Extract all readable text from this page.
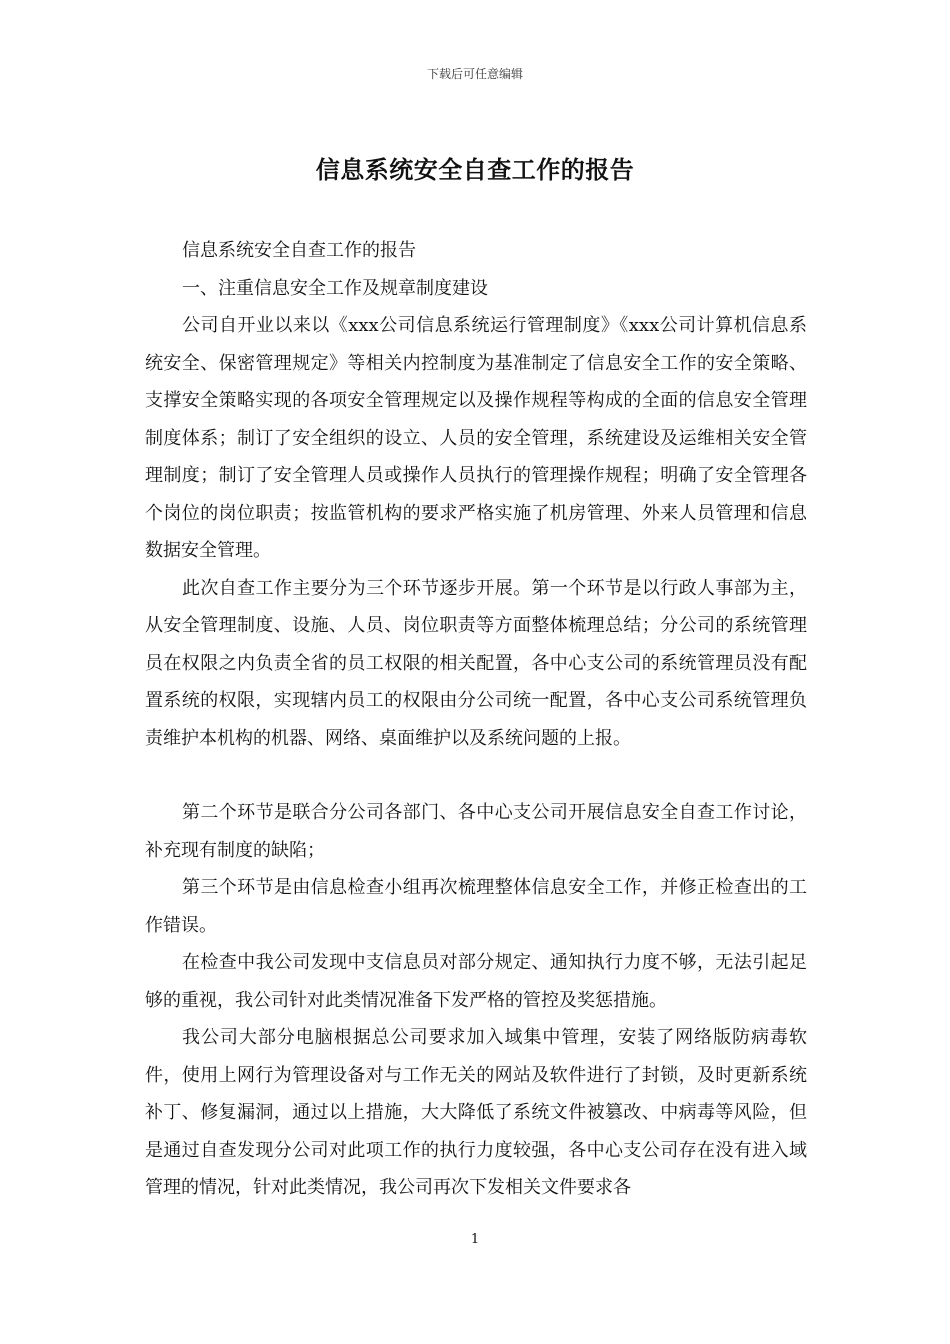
下载后可任意编辑
信息系统安全自查工作的报告

信息系统安全自查工作的报告

一、注重信息安全工作及规章制度建设

公司自开业以来以《xxx公司信息系统运行管理制度》《xxx公司计算机信息系统安全、保密管理规定》等相关内控制度为基准制定了信息安全工作的安全策略、支撑安全策略实现的各项安全管理规定以及操作规程等构成的全面的信息安全管理制度体系；制订了安全组织的设立、人员的安全管理，系统建设及运维相关安全管理制度；制订了安全管理人员或操作人员执行的管理操作规程；明确了安全管理各个岗位的岗位职责；按监管机构的要求严格实施了机房管理、外来人员管理和信息数据安全管理。

此次自查工作主要分为三个环节逐步开展。第一个环节是以行政人事部为主，从安全管理制度、设施、人员、岗位职责等方面整体梳理总结；分公司的系统管理员在权限之内负责全省的员工权限的相关配置，各中心支公司的系统管理员没有配置系统的权限，实现辖内员工的权限由分公司统一配置，各中心支公司系统管理负责维护本机构的机器、网络、桌面维护以及系统问题的上报。

第二个环节是联合分公司各部门、各中心支公司开展信息安全自查工作讨论，补充现有制度的缺陷；

第三个环节是由信息检查小组再次梳理整体信息安全工作，并修正检查出的工作错误。

在检查中我公司发现中支信息员对部分规定、通知执行力度不够，无法引起足够的重视，我公司针对此类情况准备下发严格的管控及奖惩措施。

我公司大部分电脑根据总公司要求加入域集中管理，安装了网络版防病毒软件，使用上网行为管理设备对与工作无关的网站及软件进行了封锁，及时更新系统补丁、修复漏洞，通过以上措施，大大降低了系统文件被篡改、中病毒等风险，但是通过自查发现分公司对此项工作的执行力度较强，各中心支公司存在没有进入域管理的情况，针对此类情况，我公司再次下发相关文件要求各

1
